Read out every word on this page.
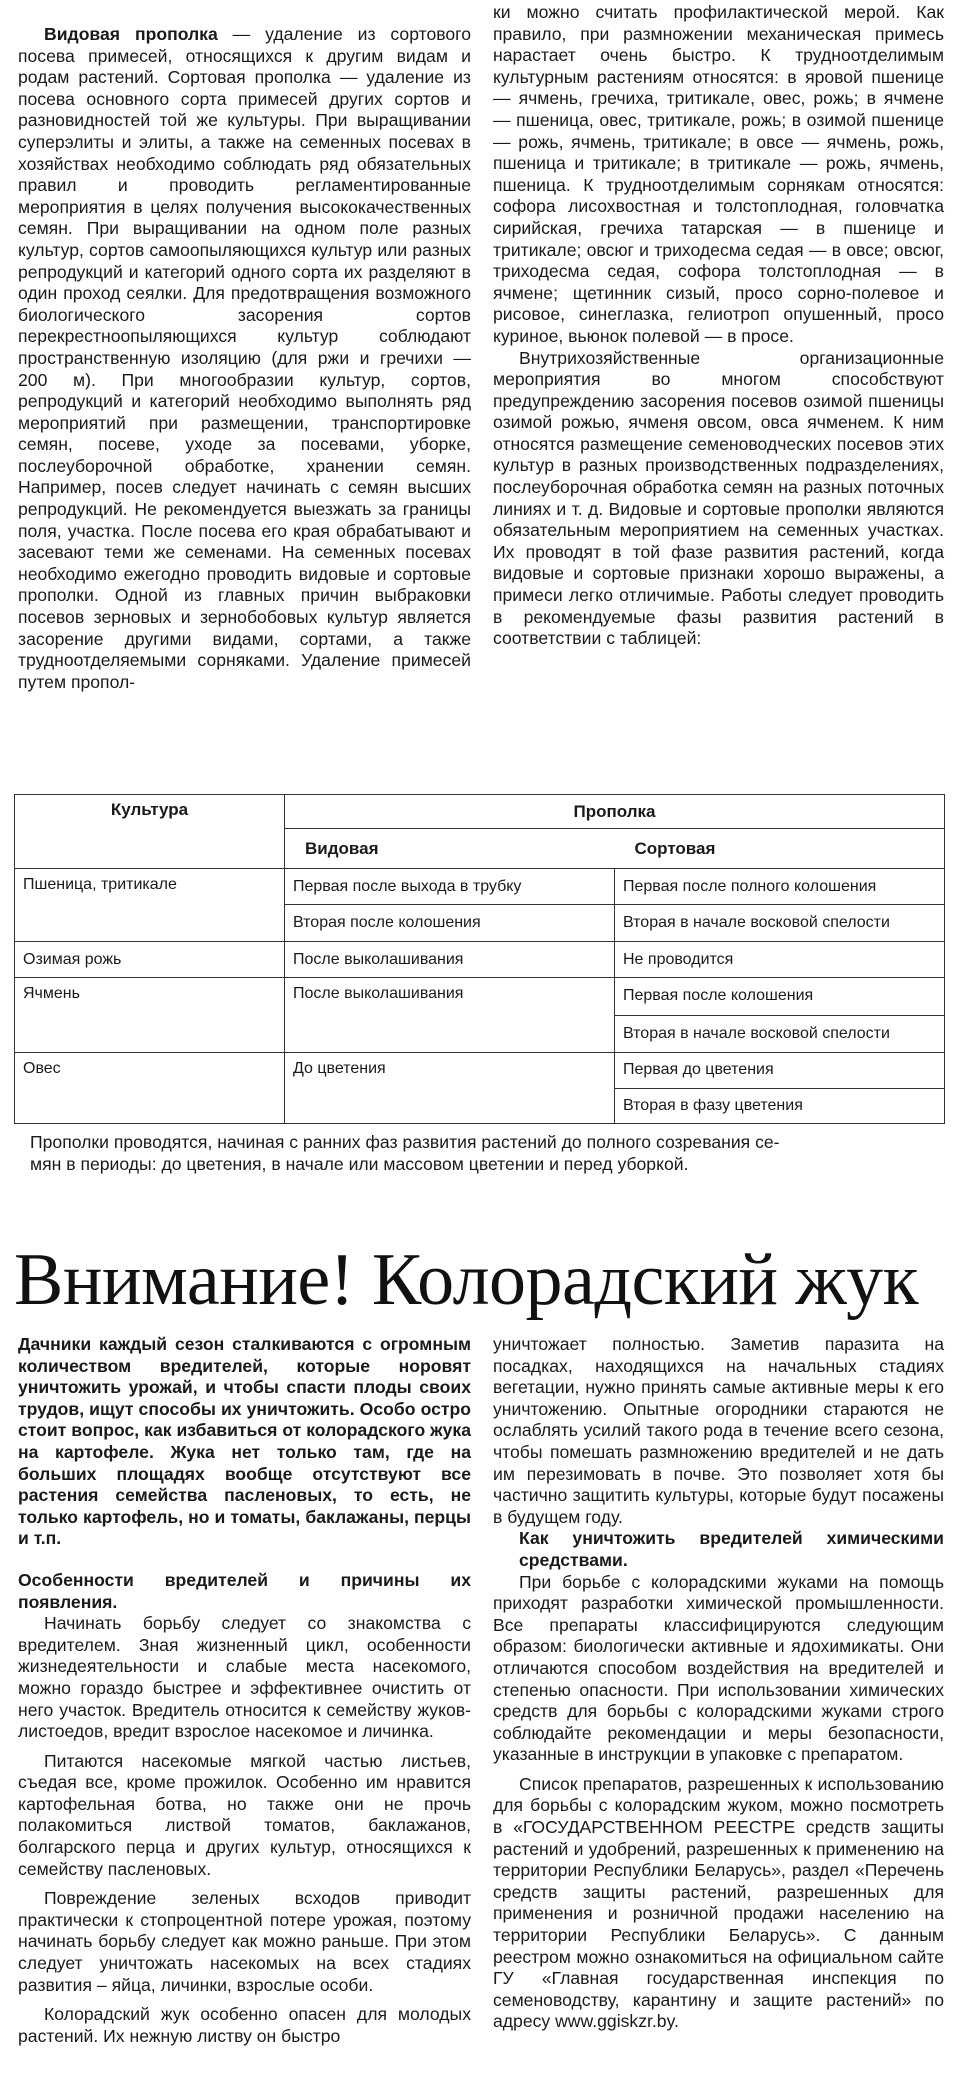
Видовая прополка — удаление из сортового посева примесей, относящихся к другим видам и родам растений. Сортовая прополка — удаление из посева основного сорта примесей других сортов и разновидностей той же культуры. При выращивании суперэлиты и элиты, а также на семенных посевах в хозяйствах необходимо соблюдать ряд обязательных правил и проводить регламентированные мероприятия в целях получения высококачественных семян. При выращивании на одном поле разных культур, сортов самоопыляющихся культур или разных репродукций и категорий одного сорта их разделяют в один проход сеялки. Для предотвращения возможного биологического засорения сортов перекрестноопыляющихся культур соблюдают пространственную изоляцию (для ржи и гречихи — 200 м). При многообразии культур, сортов, репродукций и категорий необходимо выполнять ряд мероприятий при размещении, транспортировке семян, посеве, уходе за посевами, уборке, послеуборочной обработке, хранении семян. Например, посев следует начинать с семян высших репродукций. Не рекомендуется выезжать за границы поля, участка. После посева его края обрабатывают и засевают теми же семенами. На семенных посевах необходимо ежегодно проводить видовые и сортовые прополки. Одной из главных причин выбраковки посевов зерновых и зернобобовых культур является засорение другими видами, сортами, а также трудноотделяемыми сорняками. Удаление примесей путем пропол-

ки можно считать профилактической мерой. Как правило, при размножении механическая примесь нарастает очень быстро. К трудноотделимым культурным растениям относятся: в яровой пшенице — ячмень, гречиха, тритикале, овес, рожь; в ячмене — пшеница, овес, тритикале, рожь; в озимой пшенице — рожь, ячмень, тритикале; в овсе — ячмень, рожь, пшеница и тритикале; в тритикале — рожь, ячмень, пшеница. К трудноотделимым сорнякам относятся: софора лисохвостная и толстоплодная, головчатка сирийская, гречиха татарская — в пшенице и тритикале; овсюг и триходесма седая — в овсе; овсюг, триходесма седая, софора толстоплодная — в ячмене; щетинник сизый, просо сорно-полевое и рисовое, синеглазка, гелиотроп опушенный, просо куриное, вьюнок полевой — в просе.

Внутрихозяйственные организационные мероприятия во многом способствуют предупреждению засорения посевов озимой пшеницы озимой рожью, ячменя овсом, овса ячменем. К ним относятся размещение семеноводческих посевов этих культур в разных производственных подразделениях, послеуборочная обработка семян на разных поточных линиях и т. д. Видовые и сортовые прополки являются обязательным мероприятием на семенных участках. Их проводят в той фазе развития растений, когда видовые и сортовые признаки хорошо выражены, а примеси легко отличимые. Работы следует проводить в рекомендуемые фазы развития растений в соответствии с таблицей:

Культура	Прополка	
	Видовая	Сортовая
Пшеница, тритикале	Первая после выхода в трубку	Первая после полного колошения
	Вторая после колошения	Вторая в начале восковой спелости
Озимая рожь	После выколашивания	Не проводится
Ячмень	После выколашивания	Первая после колошения
		Вторая в начале восковой спелости
Овес	До цветения	Первая до цветения
		Вторая в фазу цветения
Прополки проводятся, начиная с ранних фаз развития растений до полного созревания се-
мян в периоды: до цветения, в начале или массовом цветении и перед уборкой.
Внимание! Колорадский жук

Дачники каждый сезон сталкиваются с огромным количеством вредителей, которые норовят уничтожить урожай, и чтобы спасти плоды своих трудов, ищут способы их уничтожить. Особо остро стоит вопрос, как избавиться от колорадского жука на картофеле. Жука нет только там, где на больших площадях вообще отсутствуют все растения семейства пасленовых, то есть, не только картофель, но и томаты, баклажаны, перцы и т.п.

Особенности вредителей и причины их появления.

Начинать борьбу следует со знакомства с вредителем. Зная жизненный цикл, особенности жизнедеятельности и слабые места насекомого, можно гораздо быстрее и эффективнее очистить от него участок. Вредитель относится к семейству жуков-листоедов, вредит взрослое насекомое и личинка.

Питаются насекомые мягкой частью листьев, съедая все, кроме прожилок. Особенно им нравится картофельная ботва, но также они не прочь полакомиться листвой томатов, баклажанов, болгарского перца и других культур, относящихся к семейству пасленовых.

Повреждение зеленых всходов приводит практически к стопроцентной потере урожая, поэтому начинать борьбу следует как можно раньше. При этом следует уничтожать насекомых на всех стадиях развития – яйца, личинки, взрослые особи.

Колорадский жук особенно опасен для молодых растений. Их нежную листву он быстро

уничтожает полностью. Заметив паразита на посадках, находящихся на начальных стадиях вегетации, нужно принять самые активные меры к его уничтожению. Опытные огородники стараются не ослаблять усилий такого рода в течение всего сезона, чтобы помешать размножению вредителей и не дать им перезимовать в почве. Это позволяет хотя бы частично защитить культуры, которые будут посажены в будущем году.

Как уничтожить вредителей химическими средствами.

При борьбе с колорадскими жуками на помощь приходят разработки химической промышленности. Все препараты классифицируются следующим образом: биологически активные и ядохимикаты. Они отличаются способом воздействия на вредителей и степенью опасности. При использовании химических средств для борьбы с колорадскими жуками строго соблюдайте рекомендации и меры безопасности, указанные в инструкции в упаковке с препаратом.

Список препаратов, разрешенных к использованию для борьбы с колорадским жуком, можно посмотреть в «ГОСУДАРСТВЕННОМ РЕЕСТРЕ средств защиты растений и удобрений, разрешенных к применению на территории Республики Беларусь», раздел «Перечень средств защиты растений, разрешенных для применения и розничной продажи населению на территории Республики Беларусь». С данным реестром можно ознакомиться на официальном сайте ГУ «Главная государственная инспекция по семеноводству, карантину и защите растений» по адресу www.ggiskzr.by.
